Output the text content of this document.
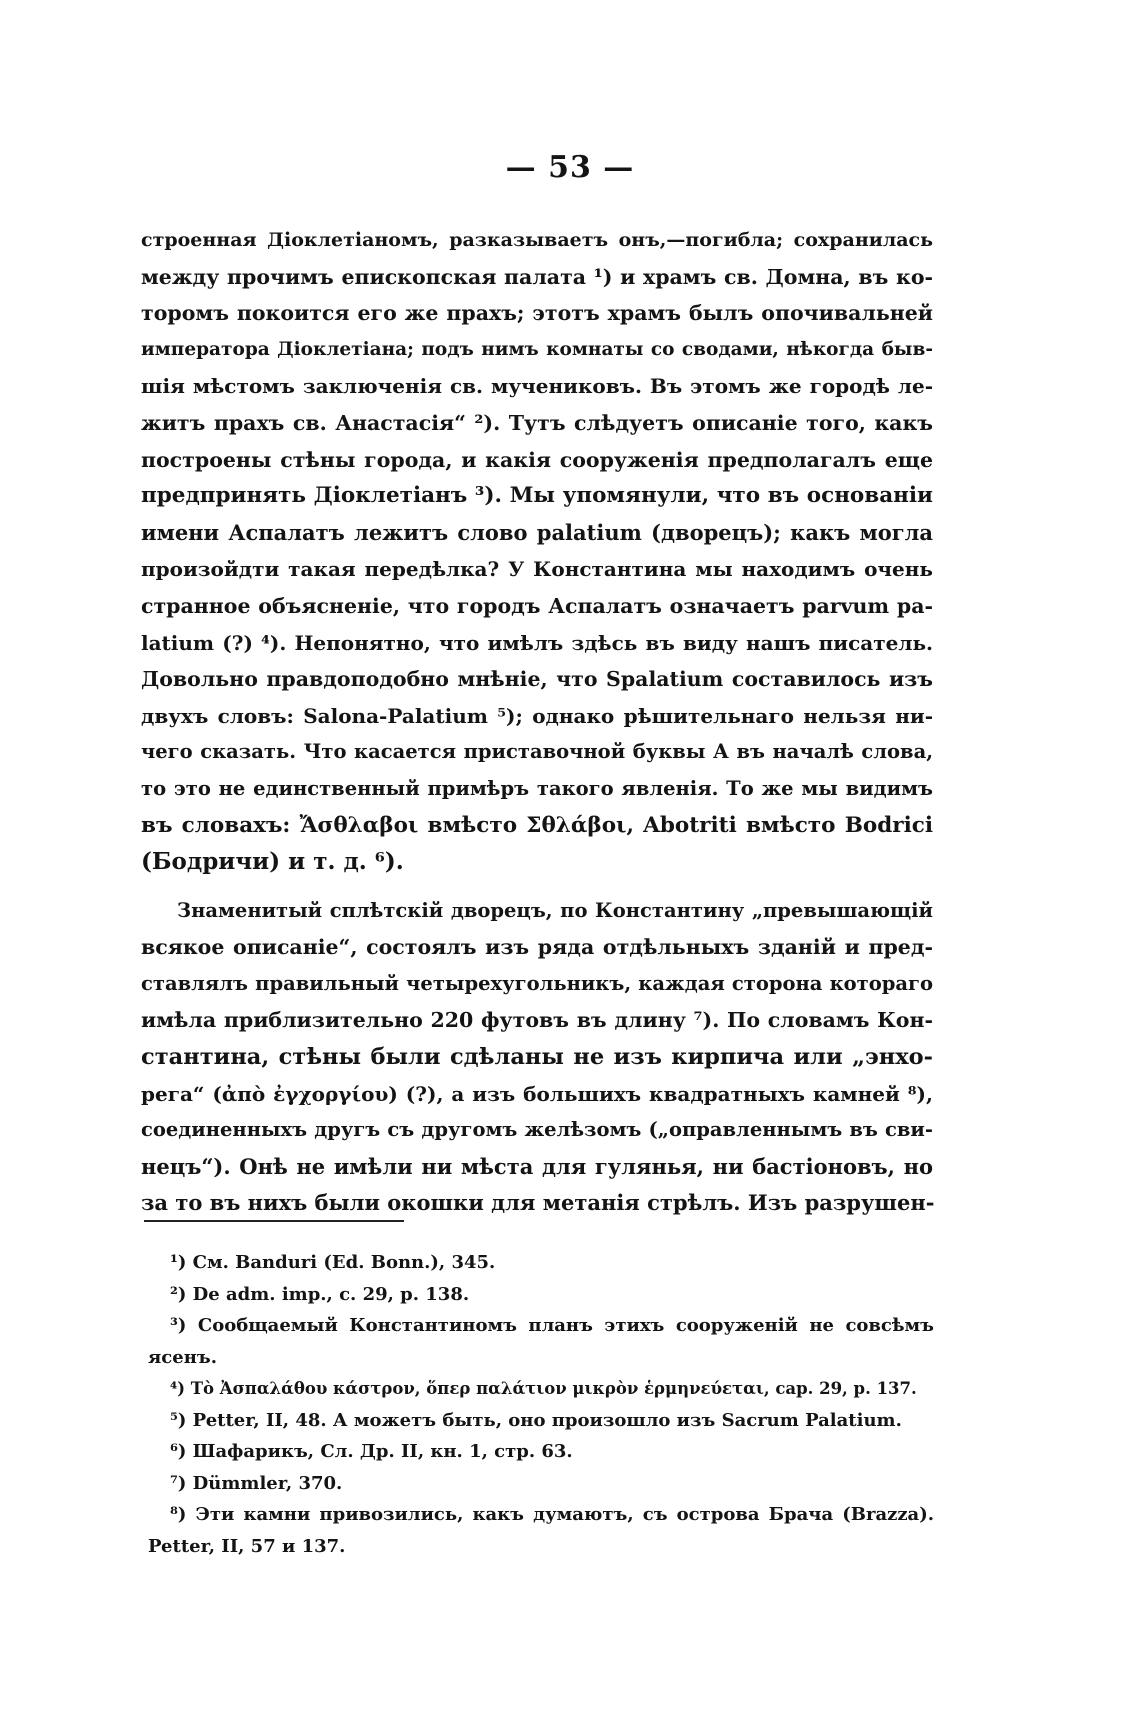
— 53 —
строенная Діоклетіаномъ, разказываетъ онъ,—погибла; сохранилась
между прочимъ епископская палата ¹) и храмъ св. Домна, въ ко-
торомъ покоится его же прахъ; этотъ храмъ былъ опочивальней
императора Діоклетіана; подъ нимъ комнаты со сводами, нѣкогда быв-
шія мѣстомъ заключенія св. мучениковъ. Въ этомъ же городѣ ле-
житъ прахъ св. Анастасія“ ²). Тутъ слѣдуетъ описаніе того, какъ
построены стѣны города, и какія сооруженія предполагалъ еще
предпринять Діоклетіанъ ³). Мы упомянули, что въ основаніи
имени Аспалатъ лежитъ слово palatium (дворецъ); какъ могла
произойдти такая передѣлка? У Константина мы находимъ очень
странное объясненіе, что городъ Аспалатъ означаетъ parvum pa-
latium (?) ⁴). Непонятно, что имѣлъ здѣсь въ виду нашъ писатель.
Довольно правдоподобно мнѣніе, что Spalatium составилось изъ
двухъ словъ: Salona-Palatium ⁵); однако рѣшительнаго нельзя ни-
чего сказать. Что касается приставочной буквы А въ началѣ слова,
то это не единственный примѣръ такого явленія. То же мы видимъ
въ словахъ: Ἄσθλαβοι вмѣсто Σθλάβοι, Abotriti вмѣсто Bodrici
(Бодричи) и т. д. ⁶).
Знаменитый сплѣтскій дворецъ, по Константину „превышающій
всякое описаніе“, состоялъ изъ ряда отдѣльныхъ зданій и пред-
ставлялъ правильный четырехугольникъ, каждая сторона котораго
имѣла приблизительно 220 футовъ въ длину ⁷). По словамъ Кон-
стантина, стѣны были сдѣланы не изъ кирпича или „энхо-
рега“ (ἀπὸ ἐγχοργίου) (?), а изъ большихъ квадратныхъ камней ⁸),
соединенныхъ другъ съ другомъ желѣзомъ („оправленнымъ въ сви-
нецъ“). Онѣ не имѣли ни мѣста для гулянья, ни бастіоновъ, но
за то въ нихъ были окошки для метанія стрѣлъ. Изъ разрушен-
¹) См. Banduri (Ed. Bonn.), 345.
²) De adm. imp., c. 29, p. 138.
³) Сообщаемый Константиномъ планъ этихъ сооруженій не совсѣмъ
ясенъ.
⁴) Τὸ Ἀσπαλάθου κάστρον, ὅπερ παλάτιον μικρὸν ἑρμηνεύεται, cap. 29, p. 137.
⁵) Petter, II, 48. А можетъ быть, оно произошло изъ Sacrum Palatium.
⁶) Шафарикъ, Сл. Др. II, кн. 1, стр. 63.
⁷) Dümmler, 370.
⁸) Эти камни привозились, какъ думаютъ, съ острова Брача (Brazza).
Petter, II, 57 и 137.
